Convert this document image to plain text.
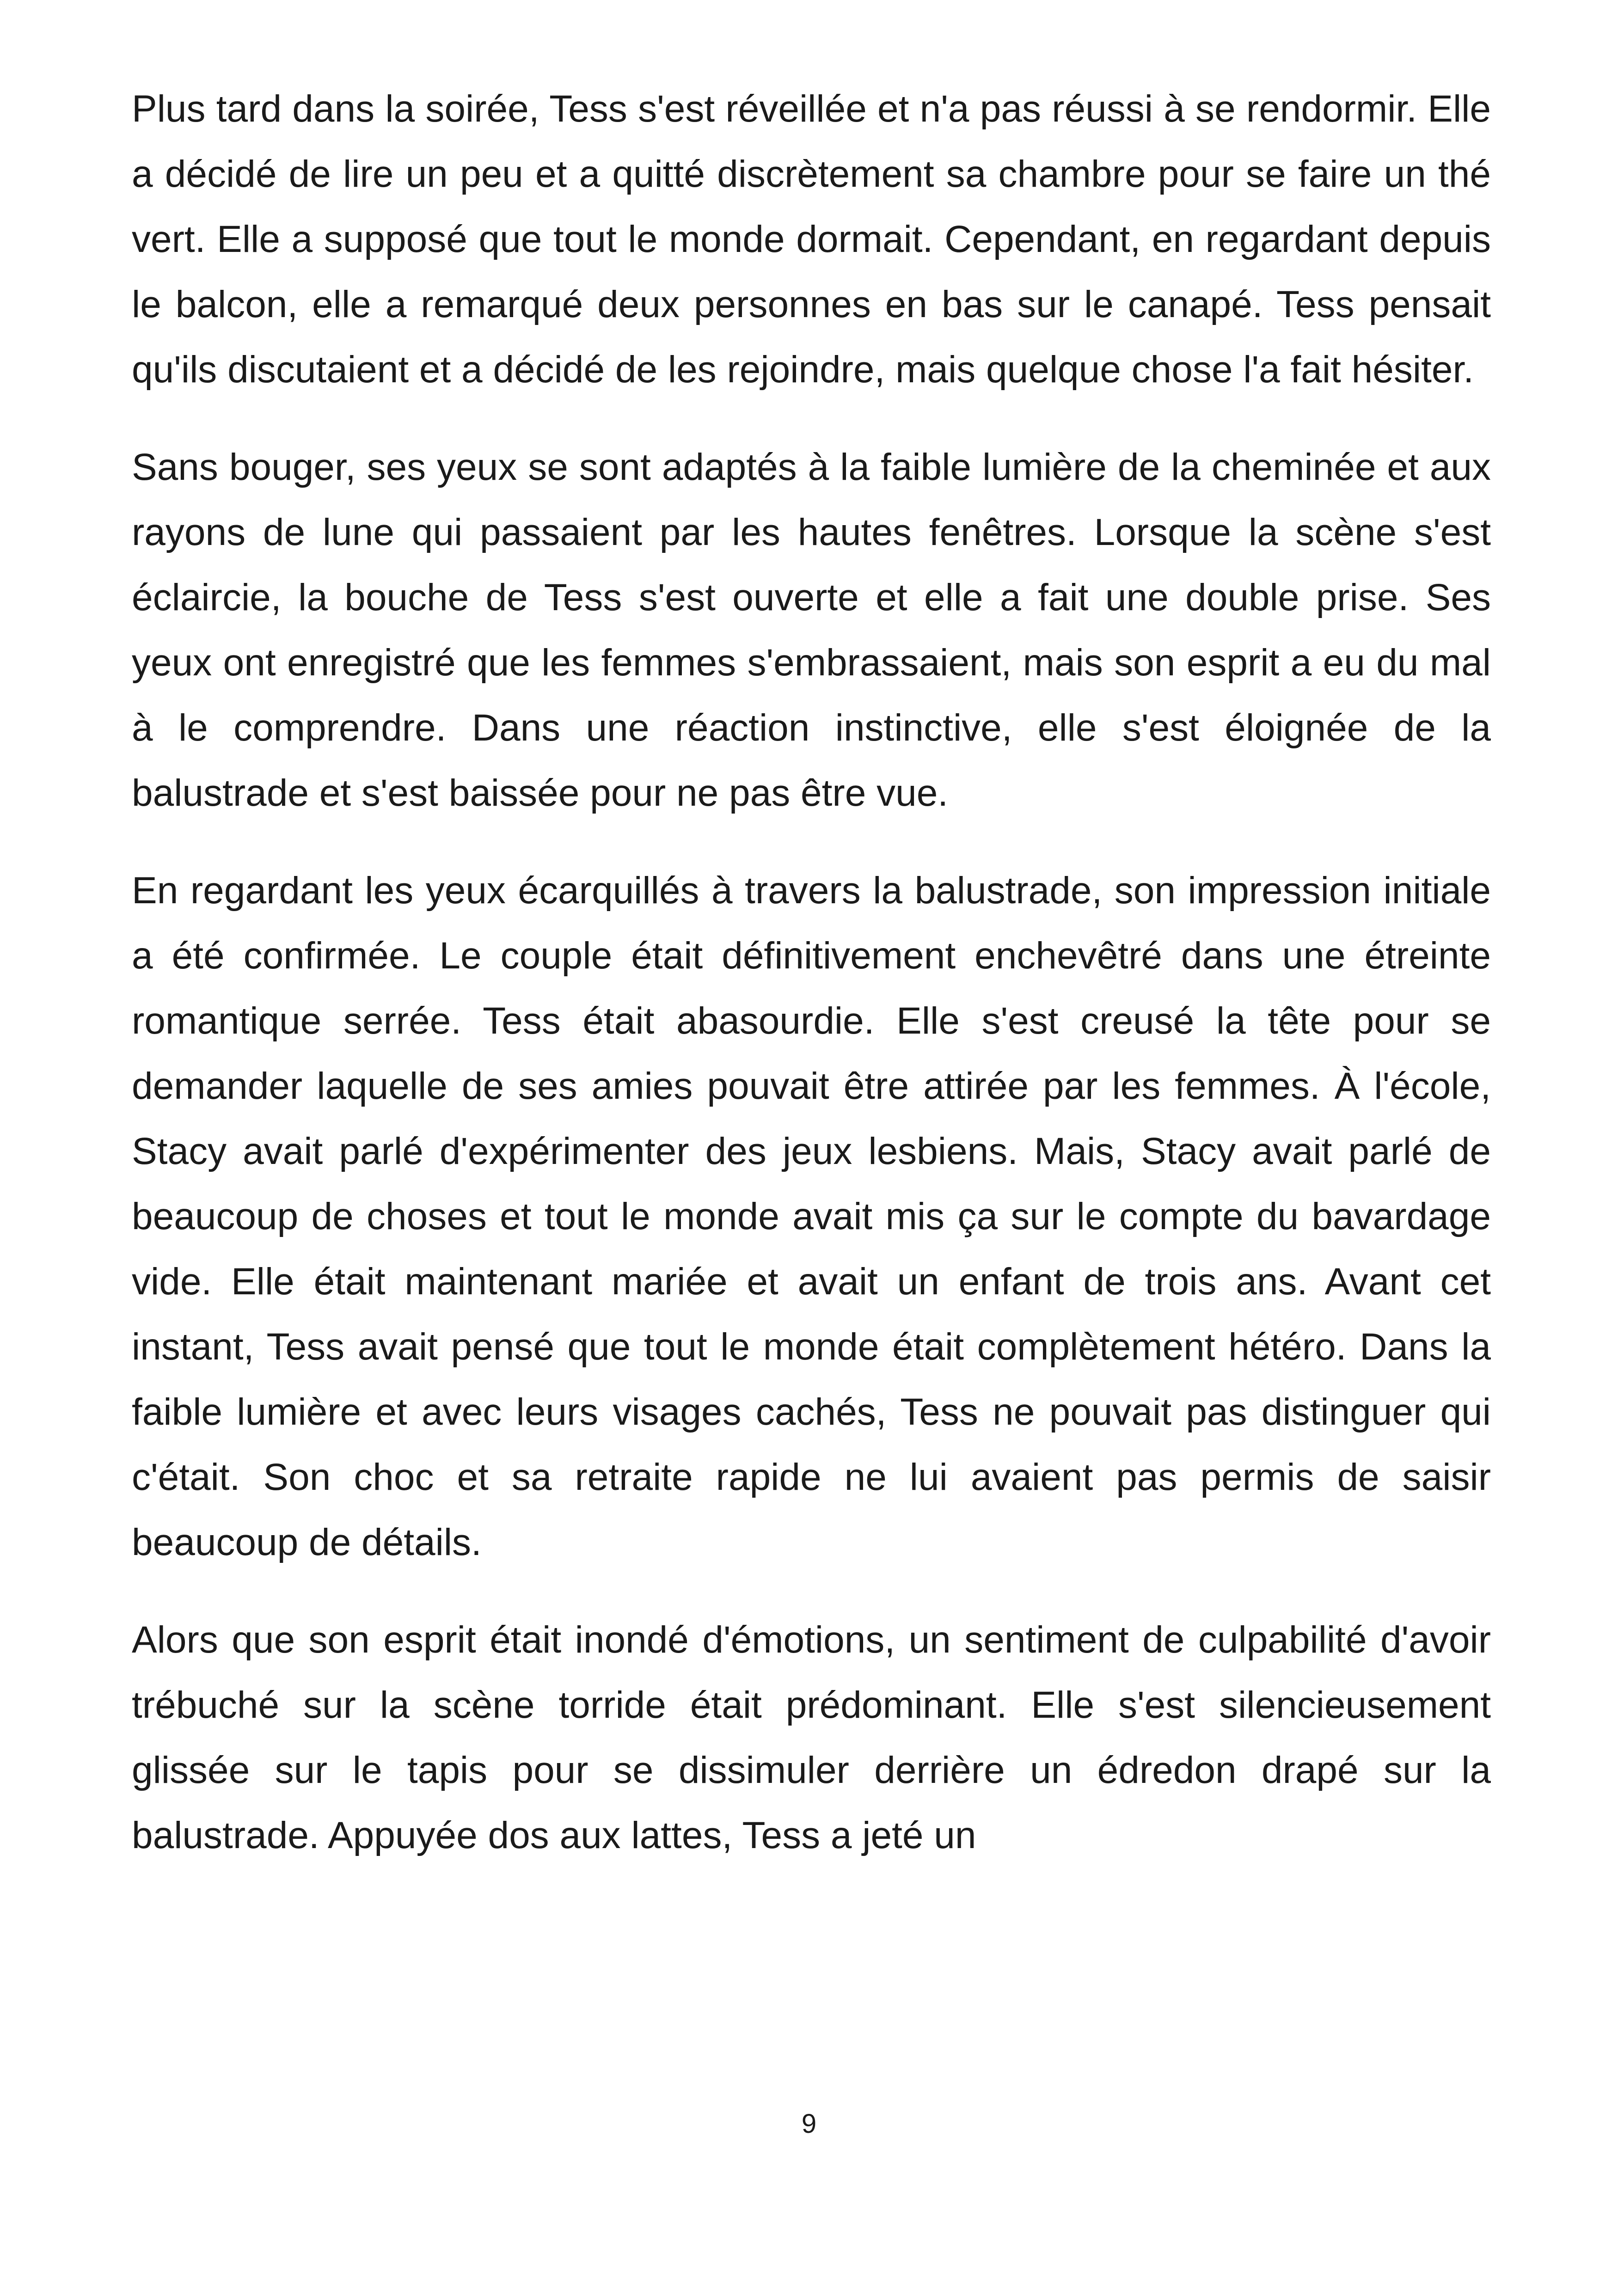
Plus tard dans la soirée, Tess s'est réveillée et n'a pas réussi à se rendormir. Elle a décidé de lire un peu et a quitté discrètement sa chambre pour se faire un thé vert. Elle a supposé que tout le monde dormait. Cependant, en regardant depuis le balcon, elle a remarqué deux personnes en bas sur le canapé. Tess pensait qu'ils discutaient et a décidé de les rejoindre, mais quelque chose l'a fait hésiter.

Sans bouger, ses yeux se sont adaptés à la faible lumière de la cheminée et aux rayons de lune qui passaient par les hautes fenêtres. Lorsque la scène s'est éclaircie, la bouche de Tess s'est ouverte et elle a fait une double prise. Ses yeux ont enregistré que les femmes s'embrassaient, mais son esprit a eu du mal à le comprendre. Dans une réaction instinctive, elle s'est éloignée de la balustrade et s'est baissée pour ne pas être vue.

En regardant les yeux écarquillés à travers la balustrade, son impression initiale a été confirmée. Le couple était définitivement enchevêtré dans une étreinte romantique serrée. Tess était abasourdie. Elle s'est creusé la tête pour se demander laquelle de ses amies pouvait être attirée par les femmes. À l'école, Stacy avait parlé d'expérimenter des jeux lesbiens. Mais, Stacy avait parlé de beaucoup de choses et tout le monde avait mis ça sur le compte du bavardage vide. Elle était maintenant mariée et avait un enfant de trois ans. Avant cet instant, Tess avait pensé que tout le monde était complètement hétéro. Dans la faible lumière et avec leurs visages cachés, Tess ne pouvait pas distinguer qui c'était. Son choc et sa retraite rapide ne lui avaient pas permis de saisir beaucoup de détails.

Alors que son esprit était inondé d'émotions, un sentiment de culpabilité d'avoir trébuché sur la scène torride était prédominant. Elle s'est silencieusement glissée sur le tapis pour se dissimuler derrière un édredon drapé sur la balustrade. Appuyée dos aux lattes, Tess a jeté un

9
